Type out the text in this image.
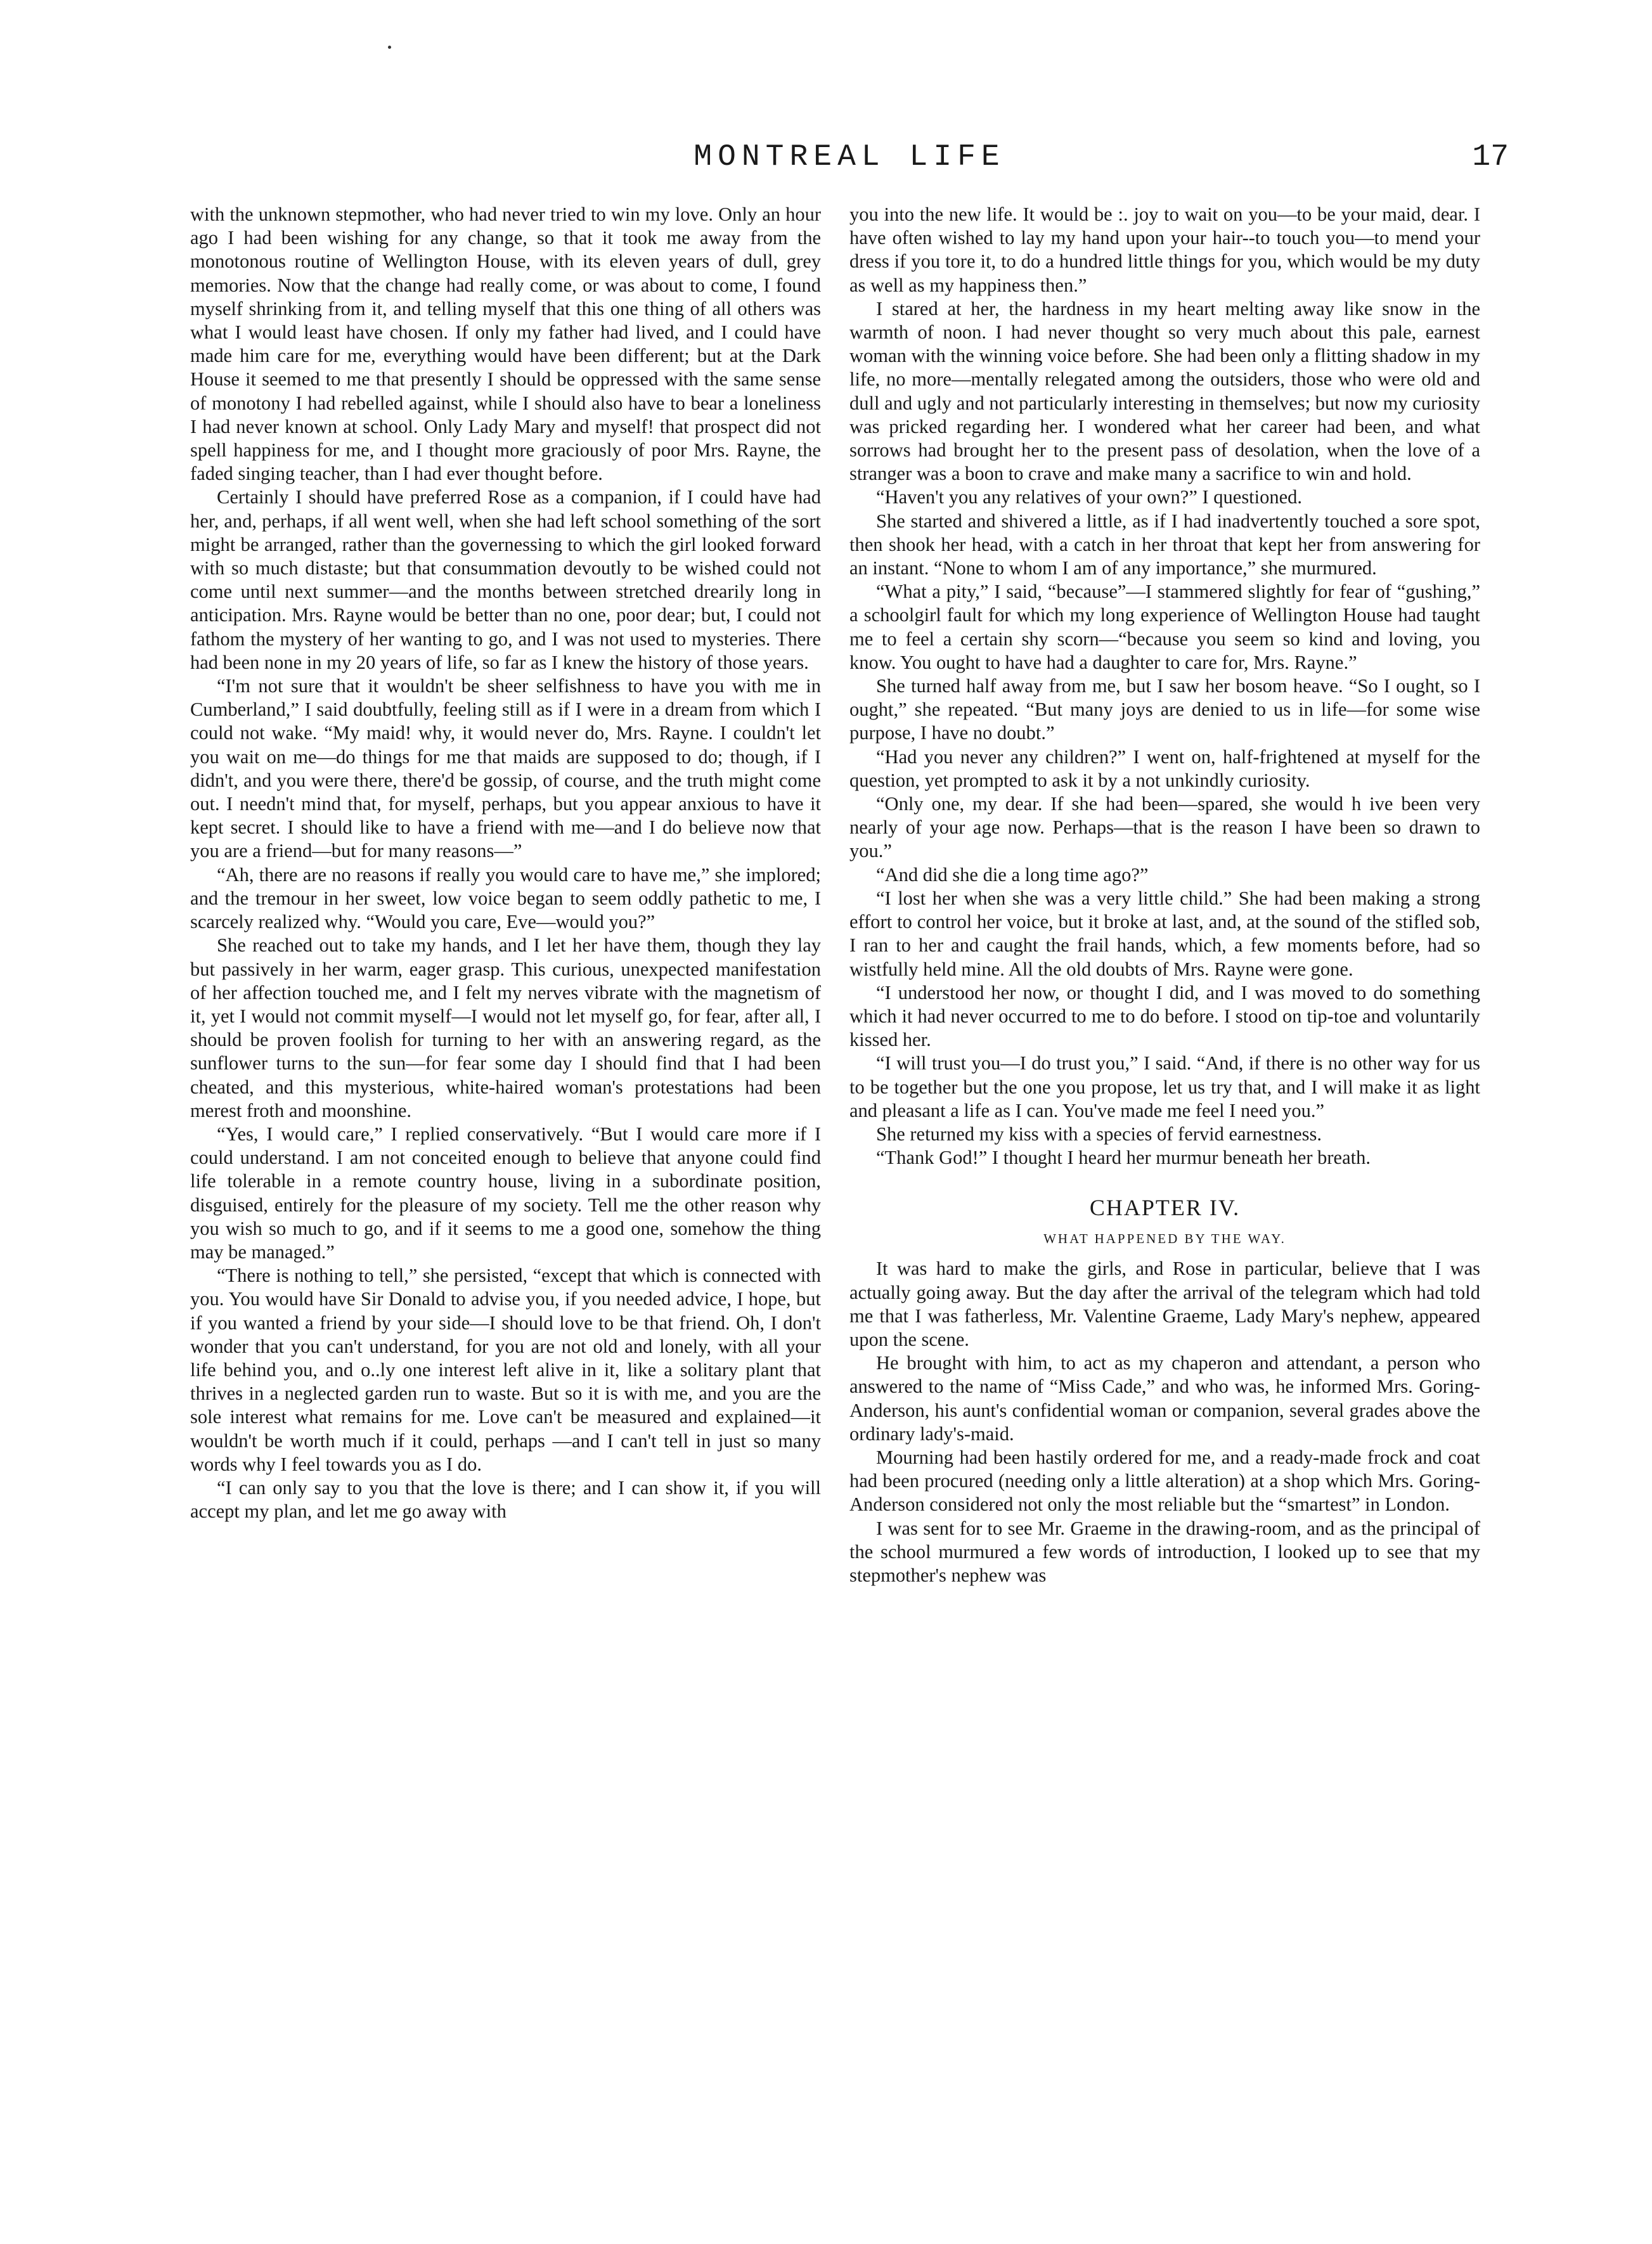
MONTREAL LIFE	17

with the unknown stepmother, who had never tried to win my love. Only an hour ago I had been wishing for any change, so that it took me away from the monotonous routine of Wellington House, with its eleven years of dull, grey memories. Now that the change had really come, or was about to come, I found myself shrinking from it, and telling myself that this one thing of all others was what I would least have chosen. If only my father had lived, and I could have made him care for me, everything would have been different; but at the Dark House it seemed to me that presently I should be oppressed with the same sense of monotony I had rebelled against, while I should also have to bear a loneliness I had never known at school. Only Lady Mary and myself! that prospect did not spell happiness for me, and I thought more graciously of poor Mrs. Rayne, the faded singing teacher, than I had ever thought before.

Certainly I should have preferred Rose as a companion, if I could have had her, and, perhaps, if all went well, when she had left school something of the sort might be arranged, rather than the governessing to which the girl looked forward with so much distaste; but that consummation devoutly to be wished could not come until next summer—and the months between stretched drearily long in anticipation. Mrs. Rayne would be better than no one, poor dear; but, I could not fathom the mystery of her wanting to go, and I was not used to mysteries. There had been none in my 20 years of life, so far as I knew the history of those years.

“I'm not sure that it wouldn't be sheer selfishness to have you with me in Cumberland,” I said doubtfully, feeling still as if I were in a dream from which I could not wake. “My maid! why, it would never do, Mrs. Rayne. I couldn't let you wait on me—do things for me that maids are supposed to do; though, if I didn't, and you were there, there'd be gossip, of course, and the truth might come out. I needn't mind that, for myself, perhaps, but you appear anxious to have it kept secret. I should like to have a friend with me—and I do believe now that you are a friend—but for many reasons—”

“Ah, there are no reasons if really you would care to have me,” she implored; and the tremour in her sweet, low voice began to seem oddly pathetic to me, I scarcely realized why. “Would you care, Eve—would you?”

She reached out to take my hands, and I let her have them, though they lay but passively in her warm, eager grasp. This curious, unexpected manifestation of her affection touched me, and I felt my nerves vibrate with the magnetism of it, yet I would not commit myself—I would not let myself go, for fear, after all, I should be proven foolish for turning to her with an answering regard, as the sunflower turns to the sun—for fear some day I should find that I had been cheated, and this mysterious, white-haired woman's protestations had been merest froth and moonshine.

“Yes, I would care,” I replied conservatively. “But I would care more if I could understand. I am not conceited enough to believe that anyone could find life tolerable in a remote country house, living in a subordinate position, disguised, entirely for the pleasure of my society. Tell me the other reason why you wish so much to go, and if it seems to me a good one, somehow the thing may be managed.”

“There is nothing to tell,” she persisted, “except that which is connected with you. You would have Sir Donald to advise you, if you needed advice, I hope, but if you wanted a friend by your side—I should love to be that friend. Oh, I don't wonder that you can't understand, for you are not old and lonely, with all your life behind you, and o..ly one interest left alive in it, like a solitary plant that thrives in a neglected garden run to waste. But so it is with me, and you are the sole interest what remains for me. Love can't be measured and explained—it wouldn't be worth much if it could, perhaps —and I can't tell in just so many words why I feel towards you as I do.

“I can only say to you that the love is there; and I can show it, if you will accept my plan, and let me go away with

you into the new life. It would be :. joy to wait on you—to be your maid, dear. I have often wished to lay my hand upon your hair--to touch you—to mend your dress if you tore it, to do a hundred little things for you, which would be my duty as well as my happiness then.”

I stared at her, the hardness in my heart melting away like snow in the warmth of noon. I had never thought so very much about this pale, earnest woman with the winning voice before. She had been only a flitting shadow in my life, no more—mentally relegated among the outsiders, those who were old and dull and ugly and not particularly interesting in themselves; but now my curiosity was pricked regarding her. I wondered what her career had been, and what sorrows had brought her to the present pass of desolation, when the love of a stranger was a boon to crave and make many a sacrifice to win and hold.

“Haven't you any relatives of your own?” I questioned.

She started and shivered a little, as if I had inadvertently touched a sore spot, then shook her head, with a catch in her throat that kept her from answering for an instant. “None to whom I am of any importance,” she murmured.

“What a pity,” I said, “because”—I stammered slightly for fear of “gushing,” a schoolgirl fault for which my long experience of Wellington House had taught me to feel a certain shy scorn—“because you seem so kind and loving, you know. You ought to have had a daughter to care for, Mrs. Rayne.”

She turned half away from me, but I saw her bosom heave. “So I ought, so I ought,” she repeated. “But many joys are denied to us in life—for some wise purpose, I have no doubt.”

“Had you never any children?” I went on, half-frightened at myself for the question, yet prompted to ask it by a not unkindly curiosity.

“Only one, my dear. If she had been—spared, she would h ive been very nearly of your age now. Perhaps—that is the reason I have been so drawn to you.”

“And did she die a long time ago?”

“I lost her when she was a very little child.” She had been making a strong effort to control her voice, but it broke at last, and, at the sound of the stifled sob, I ran to her and caught the frail hands, which, a few moments before, had so wistfully held mine. All the old doubts of Mrs. Rayne were gone.

“I understood her now, or thought I did, and I was moved to do something which it had never occurred to me to do before. I stood on tip-toe and voluntarily kissed her.

“I will trust you—I do trust you,” I said. “And, if there is no other way for us to be together but the one you propose, let us try that, and I will make it as light and pleasant a life as I can. You've made me feel I need you.”

She returned my kiss with a species of fervid earnestness.

“Thank God!” I thought I heard her murmur beneath her breath.

CHAPTER IV.
WHAT HAPPENED BY THE WAY.

It was hard to make the girls, and Rose in particular, believe that I was actually going away. But the day after the arrival of the telegram which had told me that I was fatherless, Mr. Valentine Graeme, Lady Mary's nephew, appeared upon the scene.

He brought with him, to act as my chaperon and attendant, a person who answered to the name of “Miss Cade,” and who was, he informed Mrs. Goring-Anderson, his aunt's confidential woman or companion, several grades above the ordinary lady's-maid.

Mourning had been hastily ordered for me, and a ready-made frock and coat had been procured (needing only a little alteration) at a shop which Mrs. Goring-Anderson considered not only the most reliable but the “smartest” in London.

I was sent for to see Mr. Graeme in the drawing-room, and as the principal of the school murmured a few words of introduction, I looked up to see that my stepmother's nephew was
